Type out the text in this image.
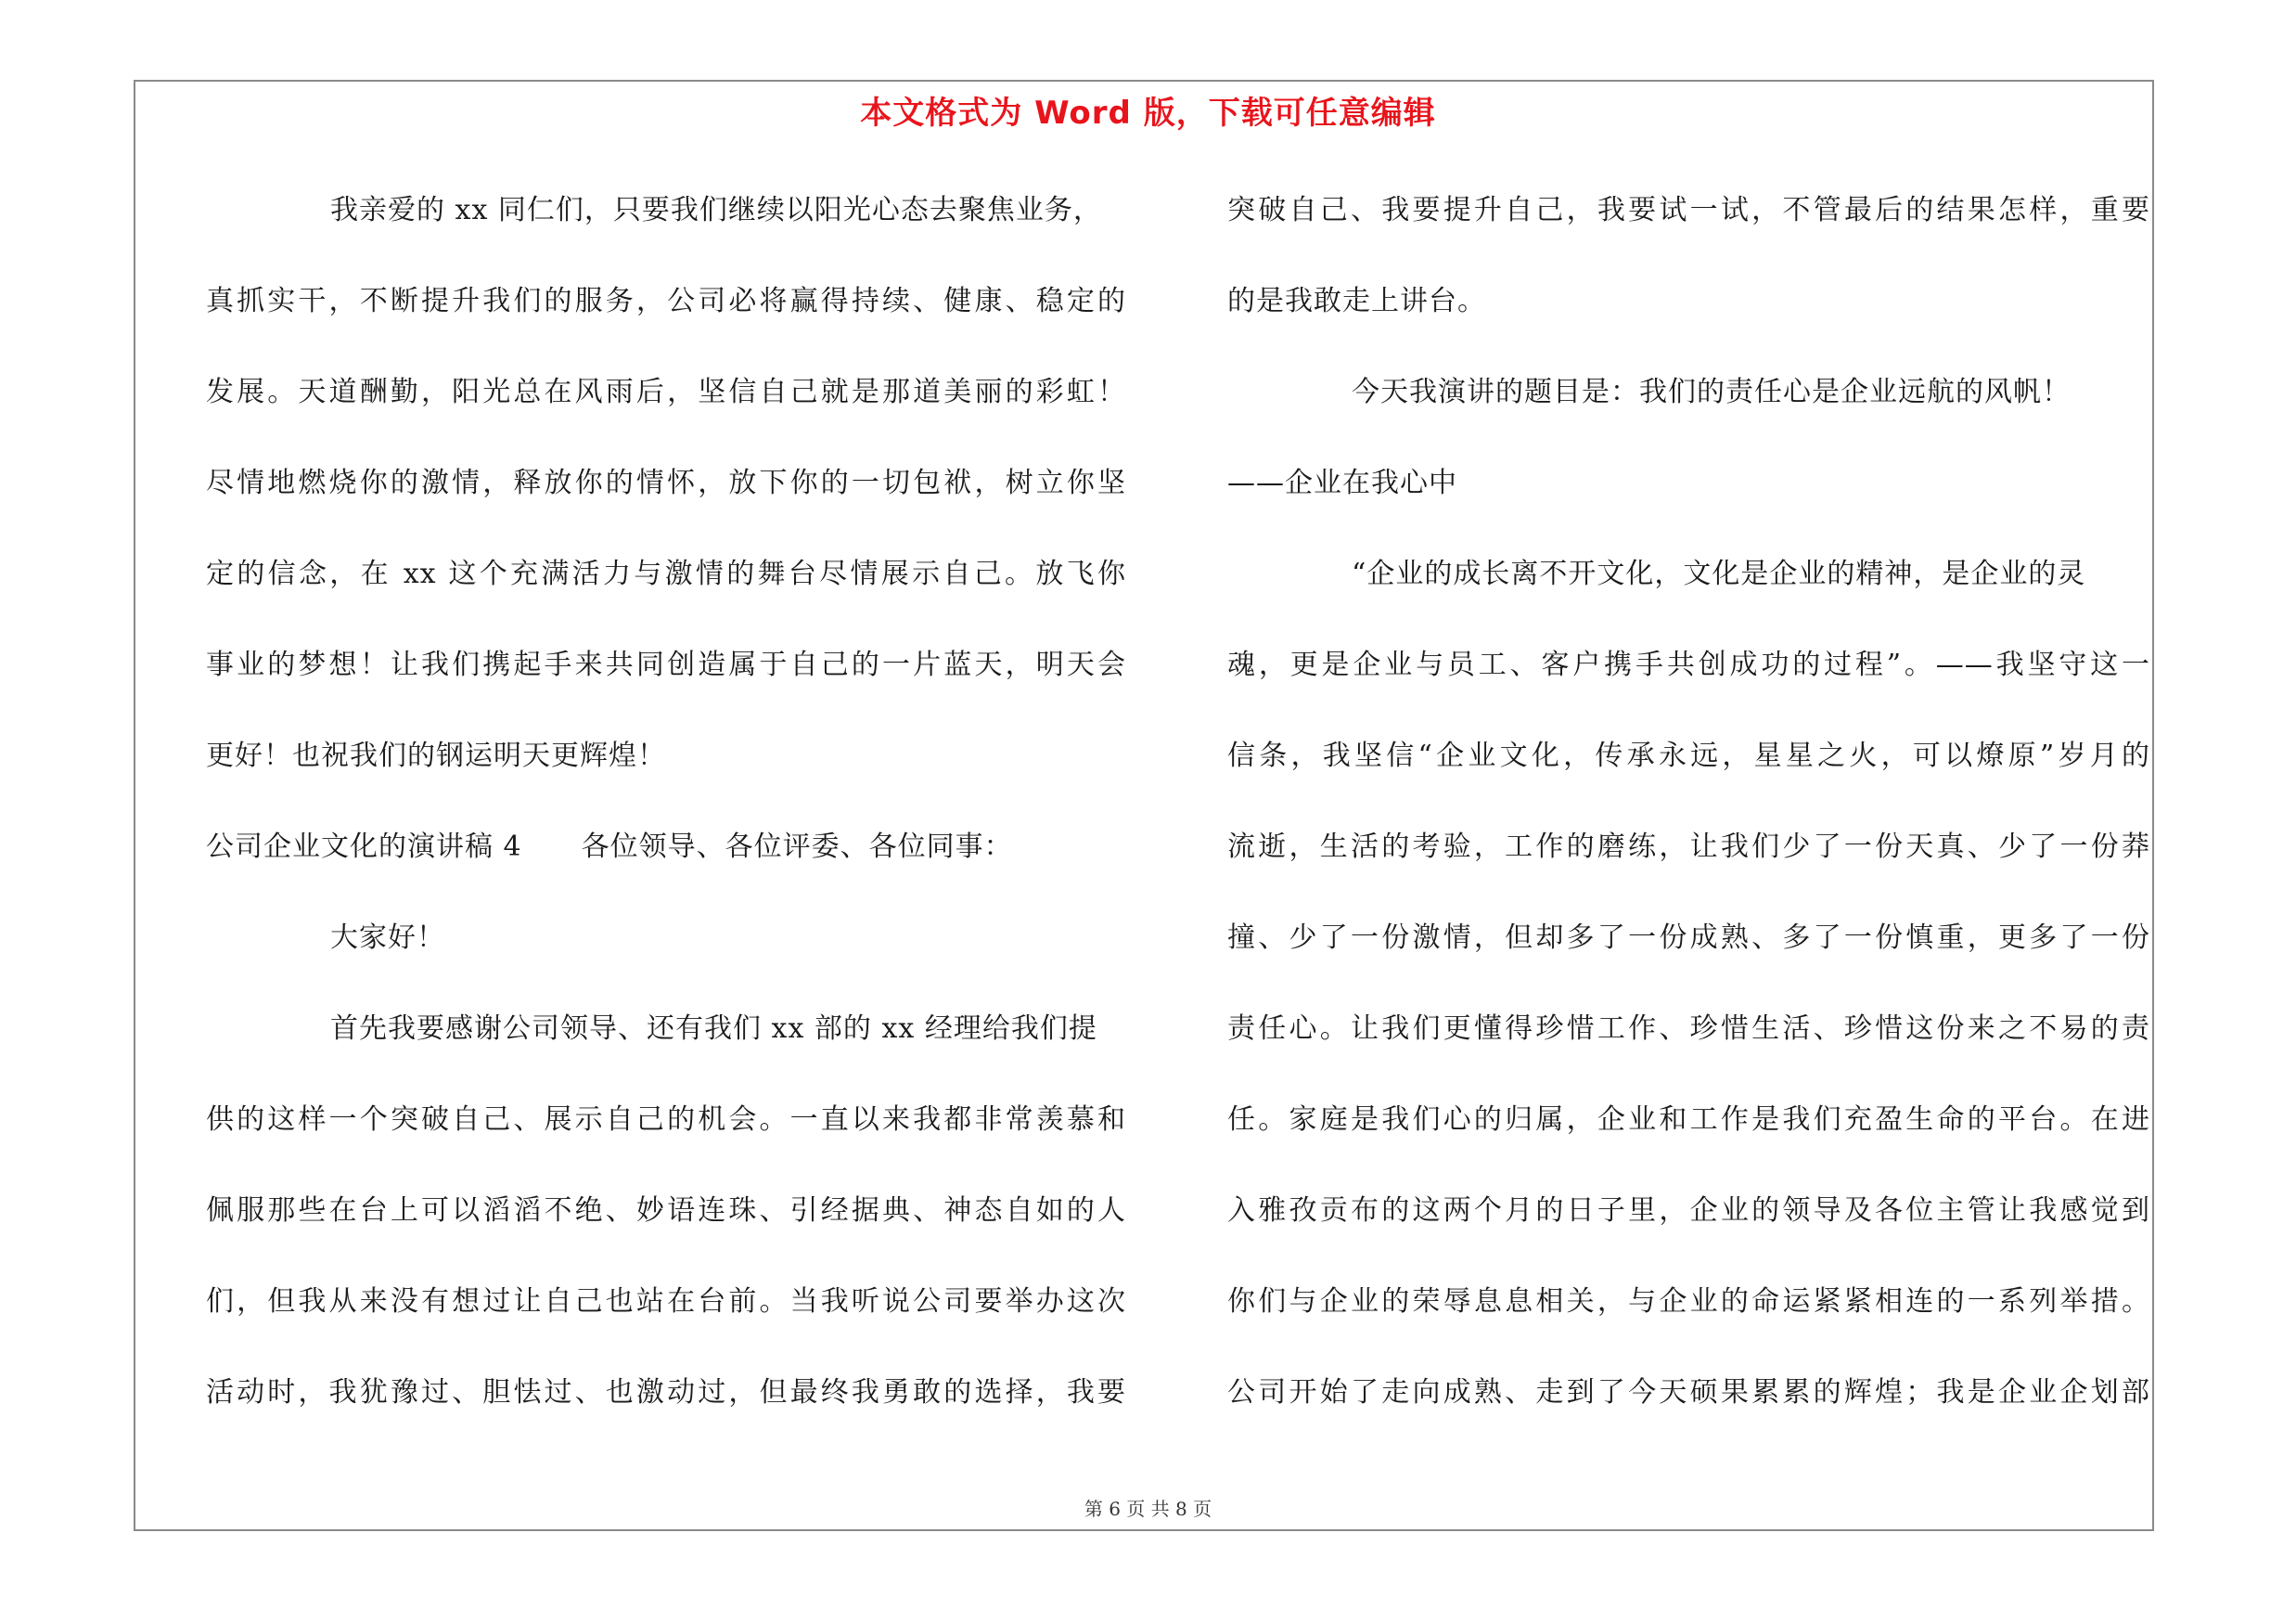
本文格式为 Word 版，下载可任意编辑
我亲爱的 xx 同仁们，只要我们继续以阳光心态去聚焦业务，
真抓实干，不断提升我们的服务，公司必将赢得持续、健康、稳定的
发展。天道酬勤，阳光总在风雨后，坚信自己就是那道美丽的彩虹！
尽情地燃烧你的激情，释放你的情怀，放下你的一切包袱，树立你坚
定的信念，在 xx 这个充满活力与激情的舞台尽情展示自己。放飞你
事业的梦想！让我们携起手来共同创造属于自己的一片蓝天，明天会
更好！也祝我们的钢运明天更辉煌！
公司企业文化的演讲稿 4 各位领导、各位评委、各位同事：
大家好！
首先我要感谢公司领导、还有我们 xx 部的 xx 经理给我们提
供的这样一个突破自己、展示自己的机会。一直以来我都非常羡慕和
佩服那些在台上可以滔滔不绝、妙语连珠、引经据典、神态自如的人
们，但我从来没有想过让自己也站在台前。当我听说公司要举办这次
活动时，我犹豫过、胆怯过、也激动过，但最终我勇敢的选择，我要
突破自己、我要提升自己，我要试一试，不管最后的结果怎样，重要
的是我敢走上讲台。
今天我演讲的题目是：我们的责任心是企业远航的风帆！
——企业在我心中
“企业的成长离不开文化，文化是企业的精神，是企业的灵
魂，更是企业与员工、客户携手共创成功的过程”。——我坚守这一
信条，我坚信“企业文化，传承永远，星星之火，可以燎原”岁月的
流逝，生活的考验，工作的磨练，让我们少了一份天真、少了一份莽
撞、少了一份激情，但却多了一份成熟、多了一份慎重，更多了一份
责任心。让我们更懂得珍惜工作、珍惜生活、珍惜这份来之不易的责
任。家庭是我们心的归属，企业和工作是我们充盈生命的平台。在进
入雅孜贡布的这两个月的日子里，企业的领导及各位主管让我感觉到
你们与企业的荣辱息息相关，与企业的命运紧紧相连的一系列举措。
公司开始了走向成熟、走到了今天硕果累累的辉煌；我是企业企划部
第 6 页 共 8 页
